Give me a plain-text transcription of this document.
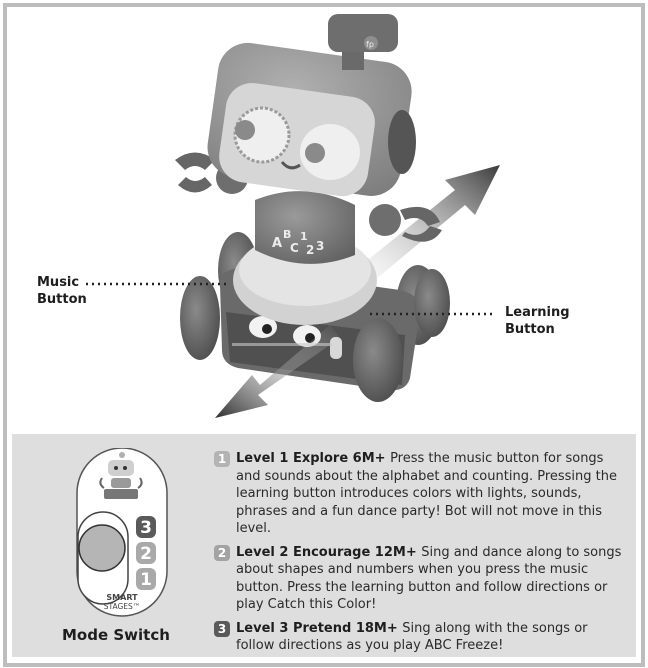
A
B
C
1
2 3
fp
Music
Button
Learning
Button
3
2
1
SMART
STAGES™
Mode Switch
1 Level 1 Explore 6M+ Press the music button for songs and sounds about the alphabet and counting. Pressing the learning button introduces colors with lights, sounds, phrases and a fun dance party! Bot will not move in this level.
2 Level 2 Encourage 12M+ Sing and dance along to songs about shapes and numbers when you press the music button. Press the learning button and follow directions or play Catch this Color!
3 Level 3 Pretend 18M+ Sing along with the songs or follow directions as you play ABC Freeze!
